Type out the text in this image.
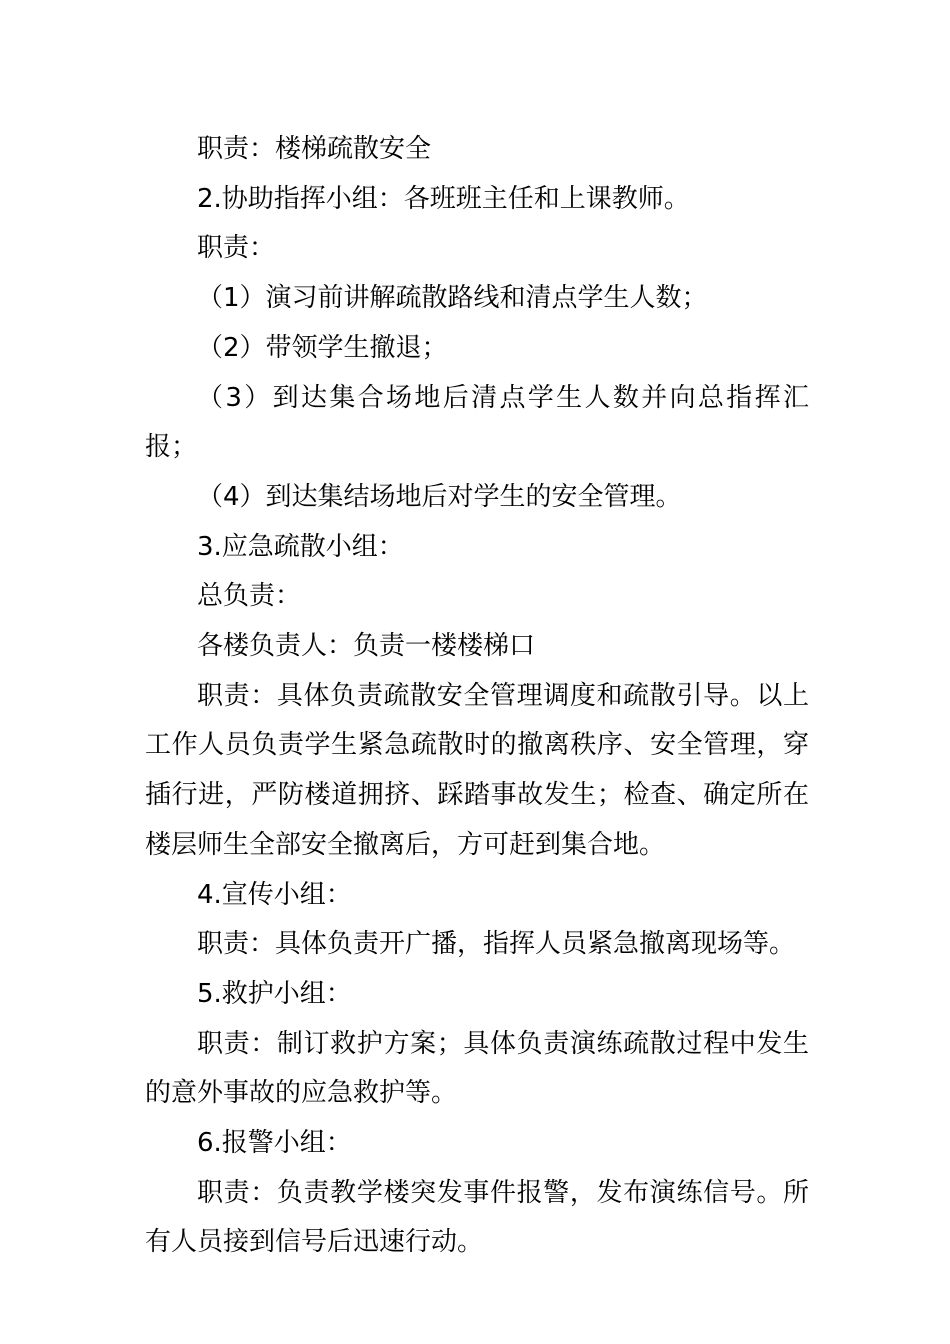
职责：楼梯疏散安全

2.协助指挥小组：各班班主任和上课教师。

职责：

（1）演习前讲解疏散路线和清点学生人数；

（2）带领学生撤退；

（3）到达集合场地后清点学生人数并向总指挥汇报；

（4）到达集结场地后对学生的安全管理。

3.应急疏散小组：

总负责：

各楼负责人：负责一楼楼梯口

职责：具体负责疏散安全管理调度和疏散引导。以上工作人员负责学生紧急疏散时的撤离秩序、安全管理，穿插行进，严防楼道拥挤、踩踏事故发生；检查、确定所在楼层师生全部安全撤离后，方可赶到集合地。

4.宣传小组：

职责：具体负责开广播，指挥人员紧急撤离现场等。

5.救护小组：

职责：制订救护方案；具体负责演练疏散过程中发生的意外事故的应急救护等。

6.报警小组：

职责：负责教学楼突发事件报警，发布演练信号。所有人员接到信号后迅速行动。
